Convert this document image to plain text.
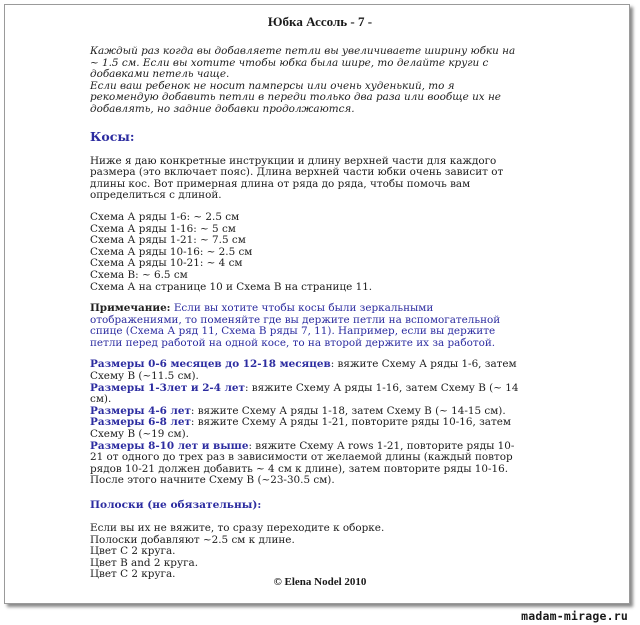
Юбка Ассоль - 7 -

Каждый раз когда вы добавляете петли вы увеличиваете ширину юбки на

~ 1.5 см. Если вы хотите чтобы юбка была шире, то делайте круги с

добавками петель чаще.

Если ваш ребенок не носит памперсы или очень худенький, то я

рекомендую добавить петли в переди только два раза или вообще их не

добавлять, но задние добавки продолжаются.

Косы:

Ниже я даю конкретные инструкции и длину верхней части для каждого

размера (это включает пояс). Длина верхней части юбки очень зависит от

длины кос. Вот примерная длина от ряда до ряда, чтобы помочь вам

определиться с длиной.

Схема А ряды 1-6: ~ 2.5 см

Схема А ряды 1-16: ~ 5 см

Схема А ряды 1-21: ~ 7.5 см

Схема А ряды 10-16: ~ 2.5 см

Схема А ряды 10-21: ~ 4 см

Схема В: ~ 6.5 см

Схема А на странице 10 и Схема В на странице 11.

Примечание: Если вы хотите чтобы косы были зеркальными

отображениями, то поменяйте где вы держите петли на вспомогательной

спице (Схема А ряд 11, Схема В ряды 7, 11). Например, если вы держите

петли перед работой на одной косе, то на второй держите их за работой.

Размеры 0-6 месяцев до 12-18 месяцев: вяжите Схему А ряды 1-6, затем

Схему В (~11.5 см).

Размеры 1-3лет и 2-4 лет: вяжите Схему А ряды 1-16, затем Схему В (~ 14

см).

Размеры 4-6 лет: вяжите Схему А ряды 1-18, затем Схему В (~ 14-15 см).

Размеры 6-8 лет: вяжите Схему А ряды 1-21, повторите ряды 10-16, затем

Схему В (~19 см).

Размеры 8-10 лет и выше: вяжите Схему А rows 1-21, повторите ряды 10-

21 от одного до трех раз в зависимости от желаемой длины (каждый повтор

рядов 10-21 должен добавить ~ 4 см к длине), затем повторите ряды 10-16.

После этого начните Схему В (~23-30.5 см).

Полоски (не обязательны):

Если вы их не вяжите, то сразу переходите к оборке.

Полоски добавляют ~2.5 см к длине.

Цвет С 2 круга.

Цвет B and 2 круга.

Цвет С 2 круга.

© Elena Nodel 2010
madam-mirage.ru
